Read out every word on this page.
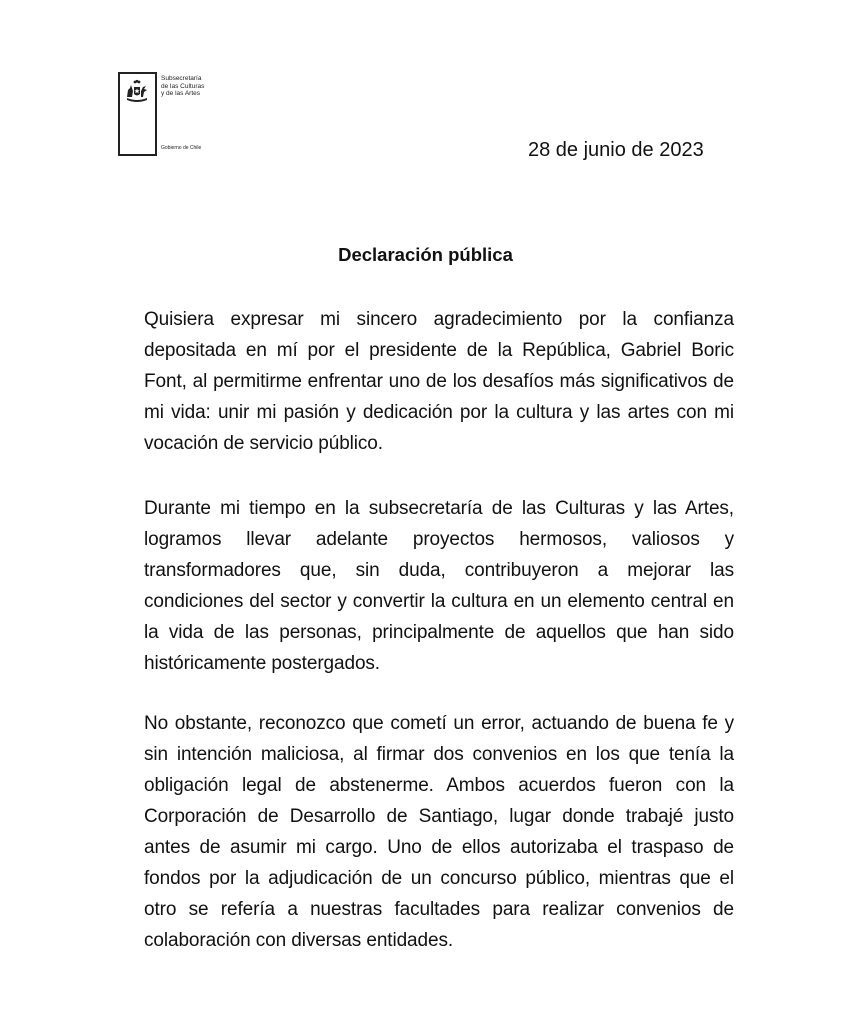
Subsecretaría
de las Culturas
y de las Artes
Gobierno de Chile	28 de junio de 2023
Declaración pública

Quisiera expresar mi sincero agradecimiento por la confianza depositada en mí por el presidente de la República, Gabriel Boric Font, al permitirme enfrentar uno de los desafíos más significativos de mi vida: unir mi pasión y dedicación por la cultura y las artes con mi vocación de servicio público.

Durante mi tiempo en la subsecretaría de las Culturas y las Artes, logramos llevar adelante proyectos hermosos, valiosos y transformadores que, sin duda, contribuyeron a mejorar las condiciones del sector y convertir la cultura en un elemento central en la vida de las personas, principalmente de aquellos que han sido históricamente postergados.

No obstante, reconozco que cometí un error, actuando de buena fe y sin intención maliciosa, al firmar dos convenios en los que tenía la obligación legal de abstenerme. Ambos acuerdos fueron con la Corporación de Desarrollo de Santiago, lugar donde trabajé justo antes de asumir mi cargo. Uno de ellos autorizaba el traspaso de fondos por la adjudicación de un concurso público, mientras que el otro se refería a nuestras facultades para realizar convenios de colaboración con diversas entidades.
